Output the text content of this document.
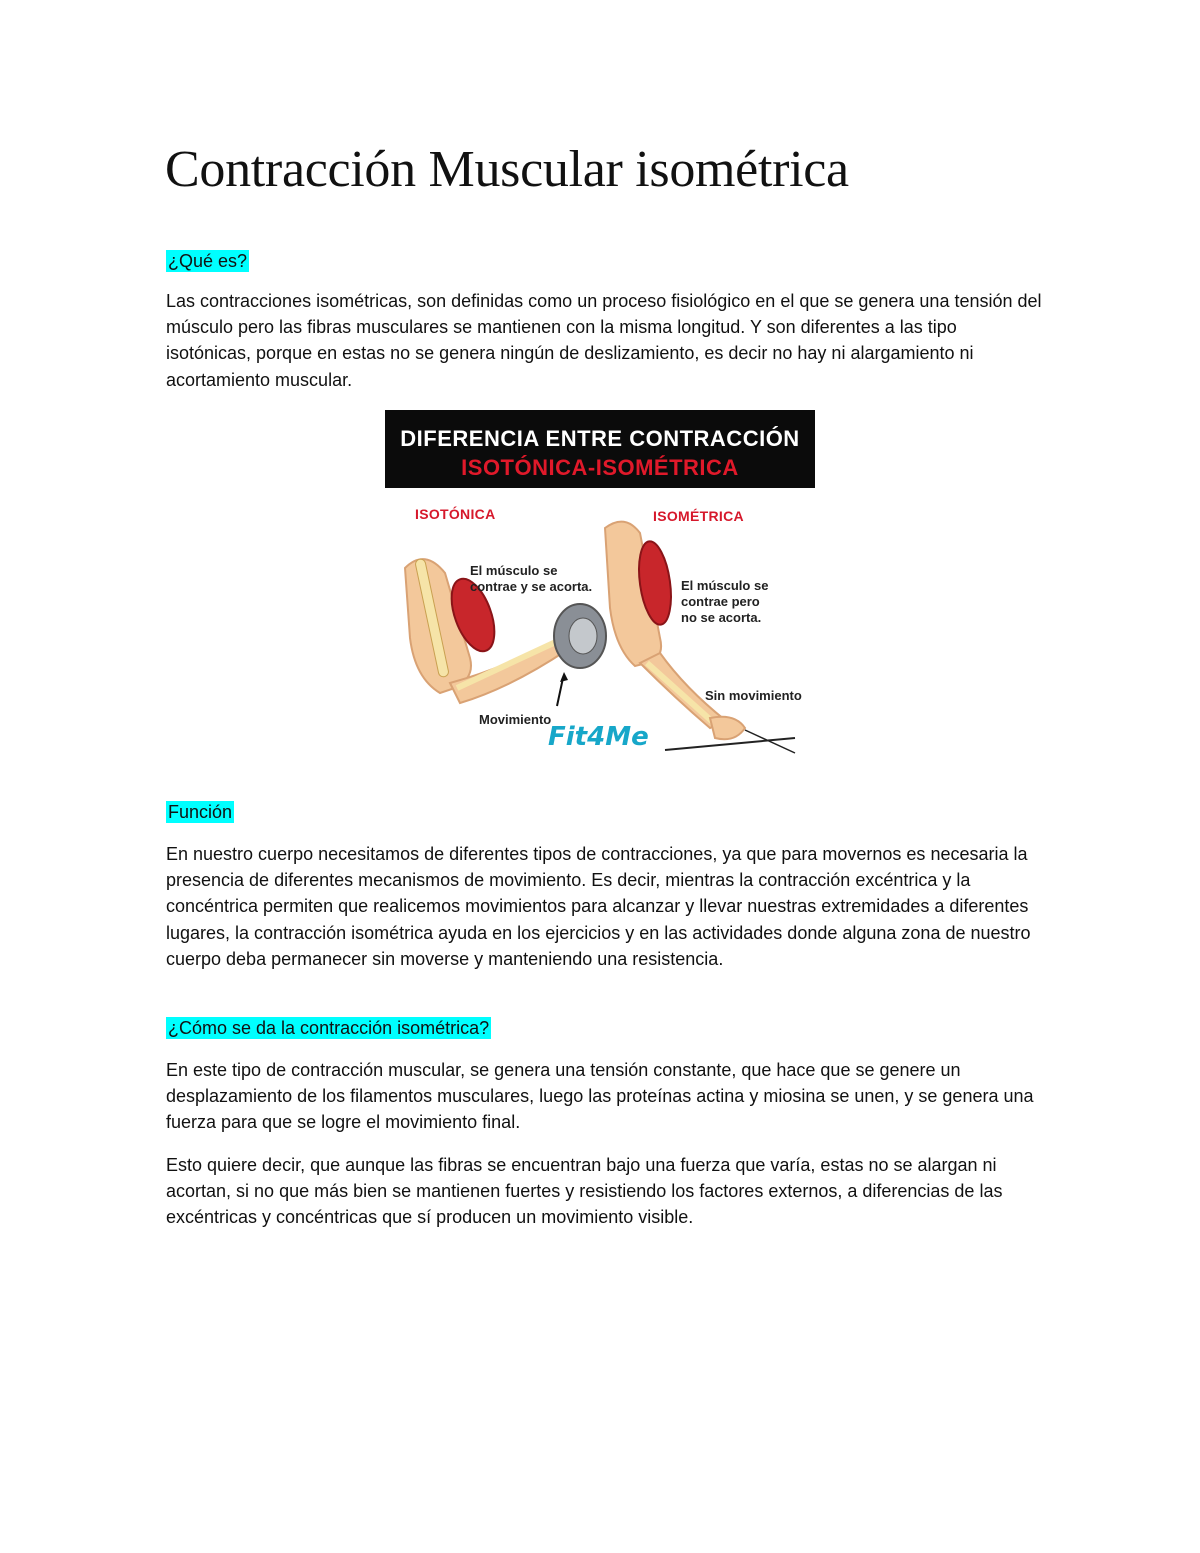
Contracción Muscular isométrica
¿Qué es?

Las contracciones isométricas, son definidas como un proceso fisiológico en el que se genera una tensión del músculo pero las fibras musculares se mantienen con la misma longitud. Y son diferentes a las tipo isotónicas, porque en estas no se genera ningún de deslizamiento, es decir no hay ni alargamiento ni acortamiento muscular.

DIFERENCIA ENTRE CONTRACCIÓN
ISOTÓNICA-ISOMÉTRICA
ISOTÓNICA	ISOMÉTRICA
El músculo se
contrae y se acorta.	El músculo se
contrae pero
no se acorta.
Movimiento
Sin movimiento
Fit4Me
Función

En nuestro cuerpo necesitamos de diferentes tipos de contracciones, ya que para movernos es necesaria la presencia de diferentes mecanismos de movimiento. Es decir, mientras la contracción excéntrica y la concéntrica permiten que realicemos movimientos para alcanzar y llevar nuestras extremidades a diferentes lugares, la contracción isométrica ayuda en los ejercicios y en las actividades donde alguna zona de nuestro cuerpo deba permanecer sin moverse y manteniendo una resistencia.

¿Cómo se da la contracción isométrica?

En este tipo de contracción muscular, se genera una tensión constante, que hace que se genere un desplazamiento de los filamentos musculares, luego las proteínas actina y miosina se unen, y se genera una fuerza para que se logre el movimiento final.

Esto quiere decir, que aunque las fibras se encuentran bajo una fuerza que varía, estas no se alargan ni acortan, si no que más bien se mantienen fuertes y resistiendo los factores externos, a diferencias de las excéntricas y concéntricas que sí producen un movimiento visible.
